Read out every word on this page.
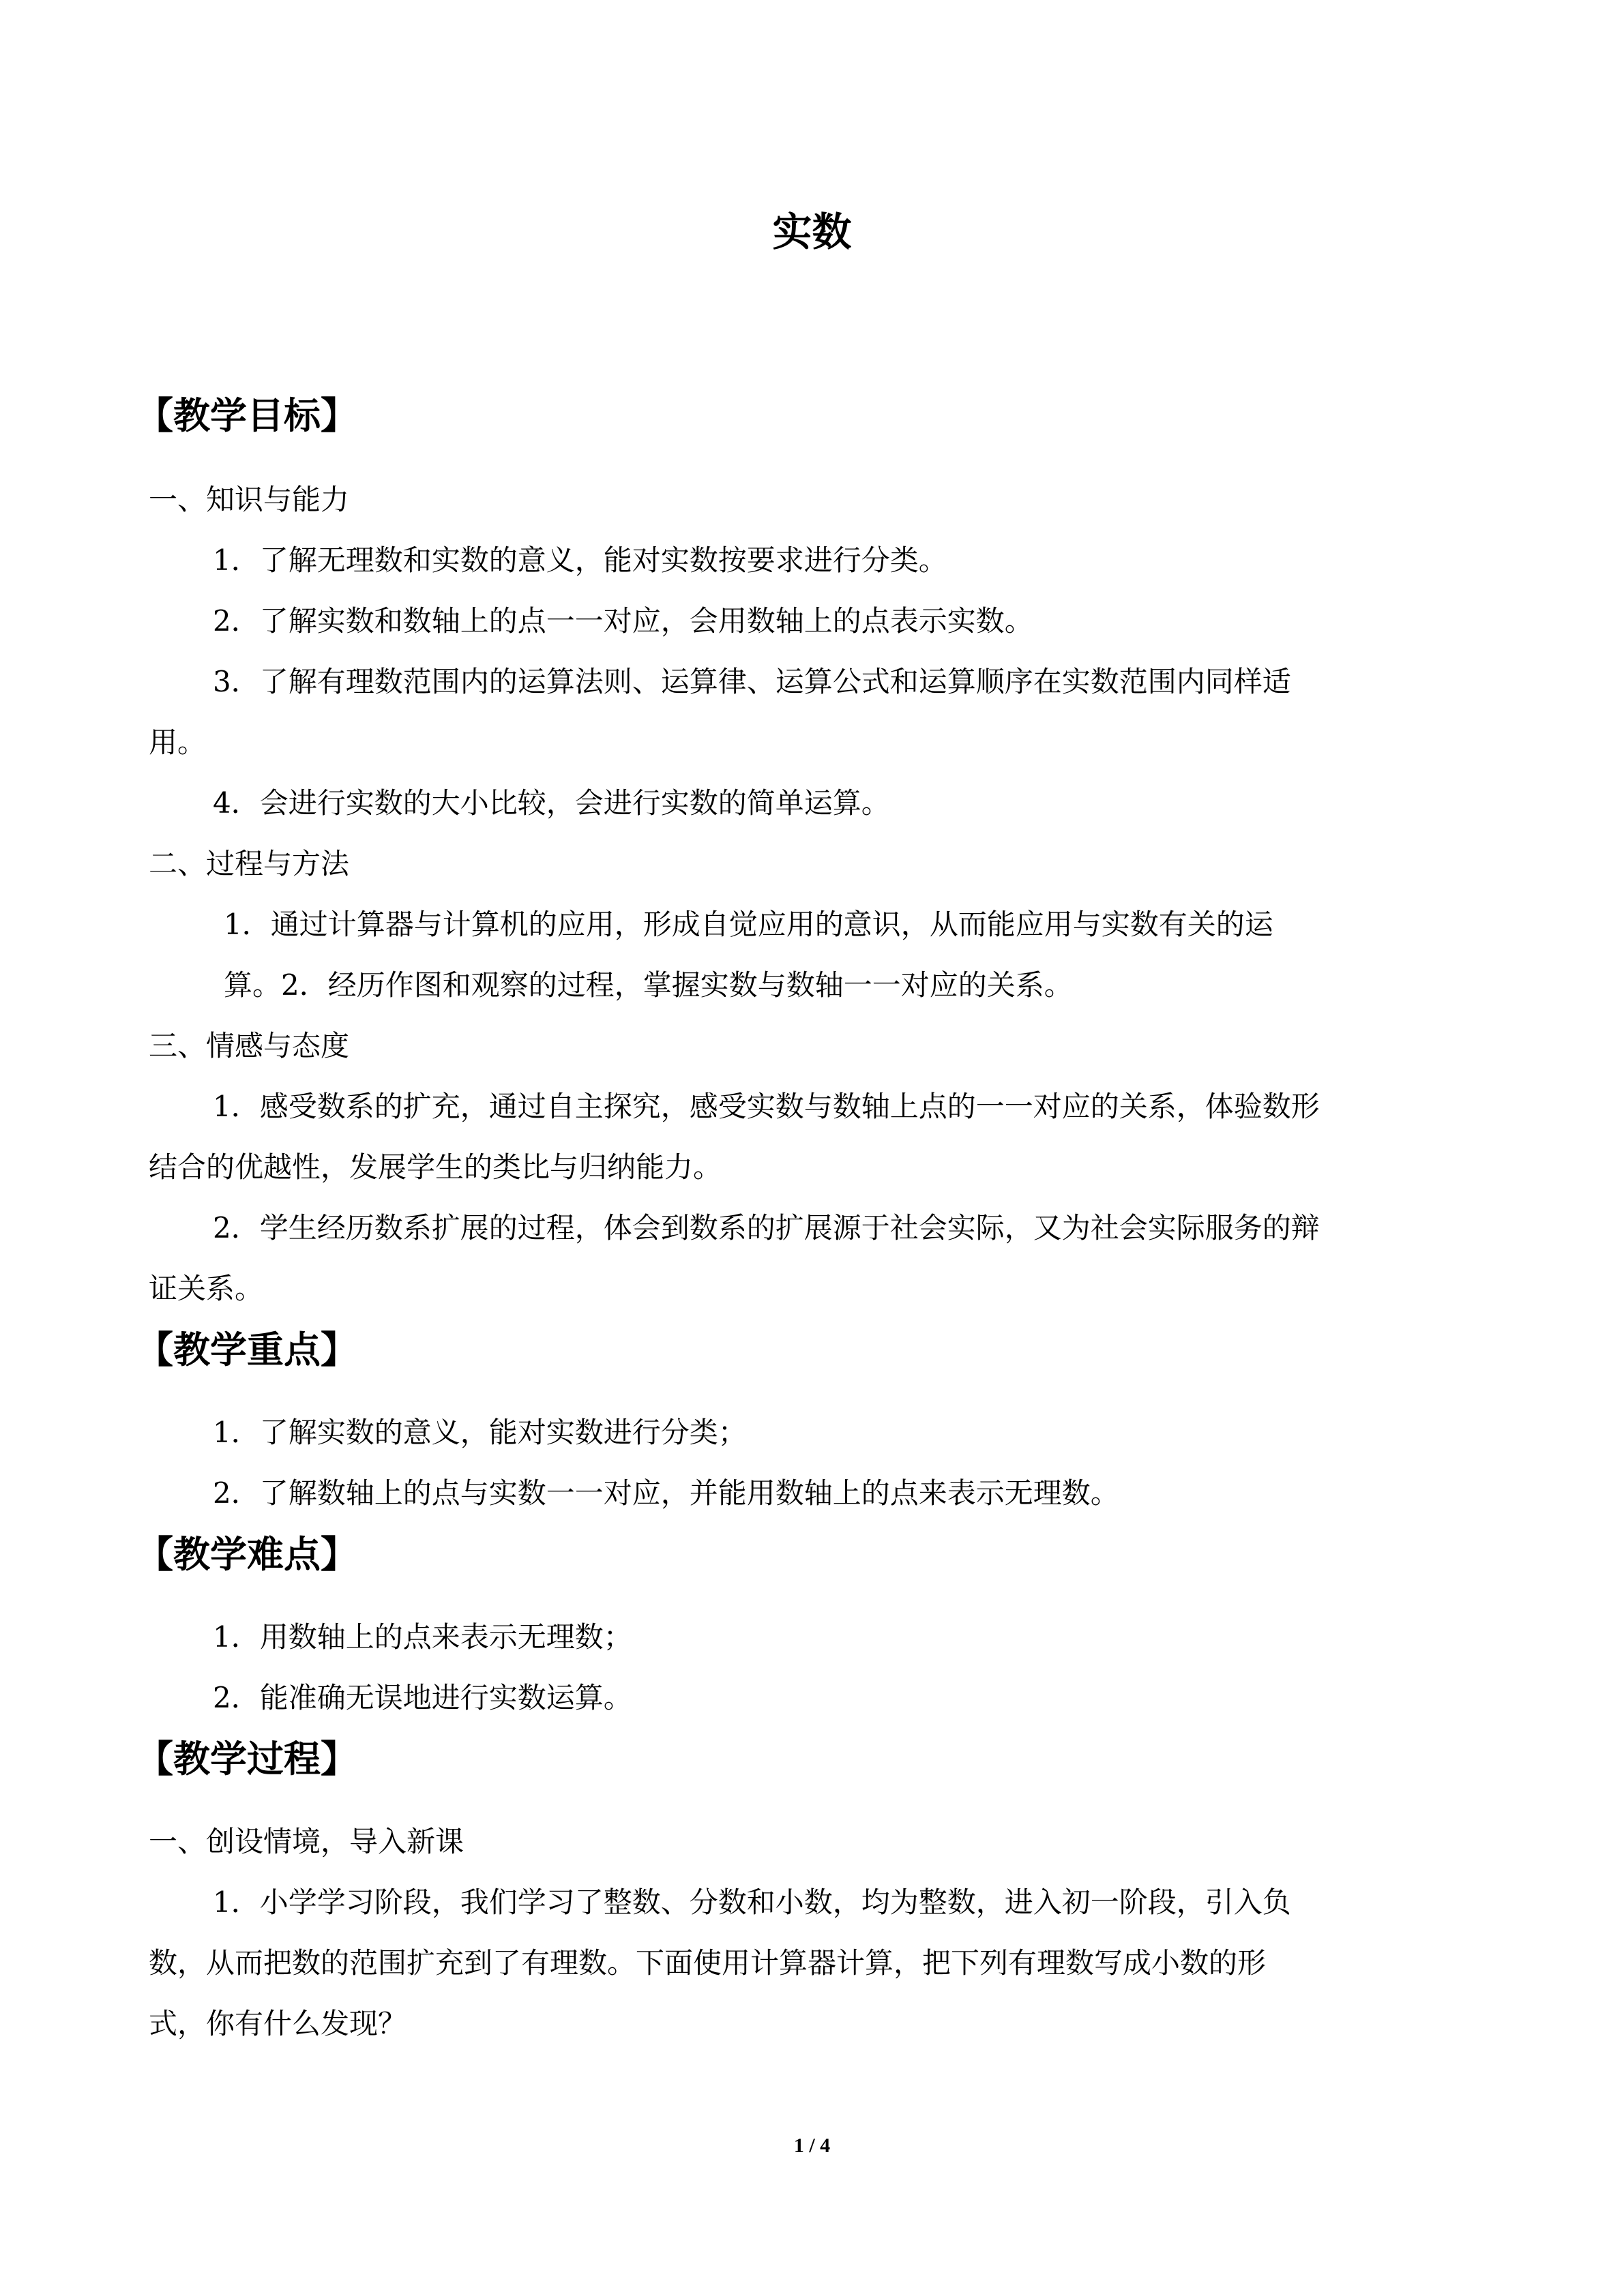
实数
【教学目标】
一、知识与能力
1．了解无理数和实数的意义，能对实数按要求进行分类。
2．了解实数和数轴上的点一一对应，会用数轴上的点表示实数。
3．了解有理数范围内的运算法则、运算律、运算公式和运算顺序在实数范围内同样适
用。
4．会进行实数的大小比较，会进行实数的简单运算。
二、过程与方法
1．通过计算器与计算机的应用，形成自觉应用的意识，从而能应用与实数有关的运
算。2．经历作图和观察的过程，掌握实数与数轴一一对应的关系。
三、情感与态度
1．感受数系的扩充，通过自主探究，感受实数与数轴上点的一一对应的关系，体验数形
结合的优越性，发展学生的类比与归纳能力。
2．学生经历数系扩展的过程，体会到数系的扩展源于社会实际，又为社会实际服务的辩
证关系。
【教学重点】
1．了解实数的意义，能对实数进行分类；
2．了解数轴上的点与实数一一对应，并能用数轴上的点来表示无理数。
【教学难点】
1．用数轴上的点来表示无理数；
2．能准确无误地进行实数运算。
【教学过程】
一、创设情境，导入新课
1．小学学习阶段，我们学习了整数、分数和小数，均为整数，进入初一阶段，引入负
数，从而把数的范围扩充到了有理数。下面使用计算器计算，把下列有理数写成小数的形
式，你有什么发现？
1 / 4
